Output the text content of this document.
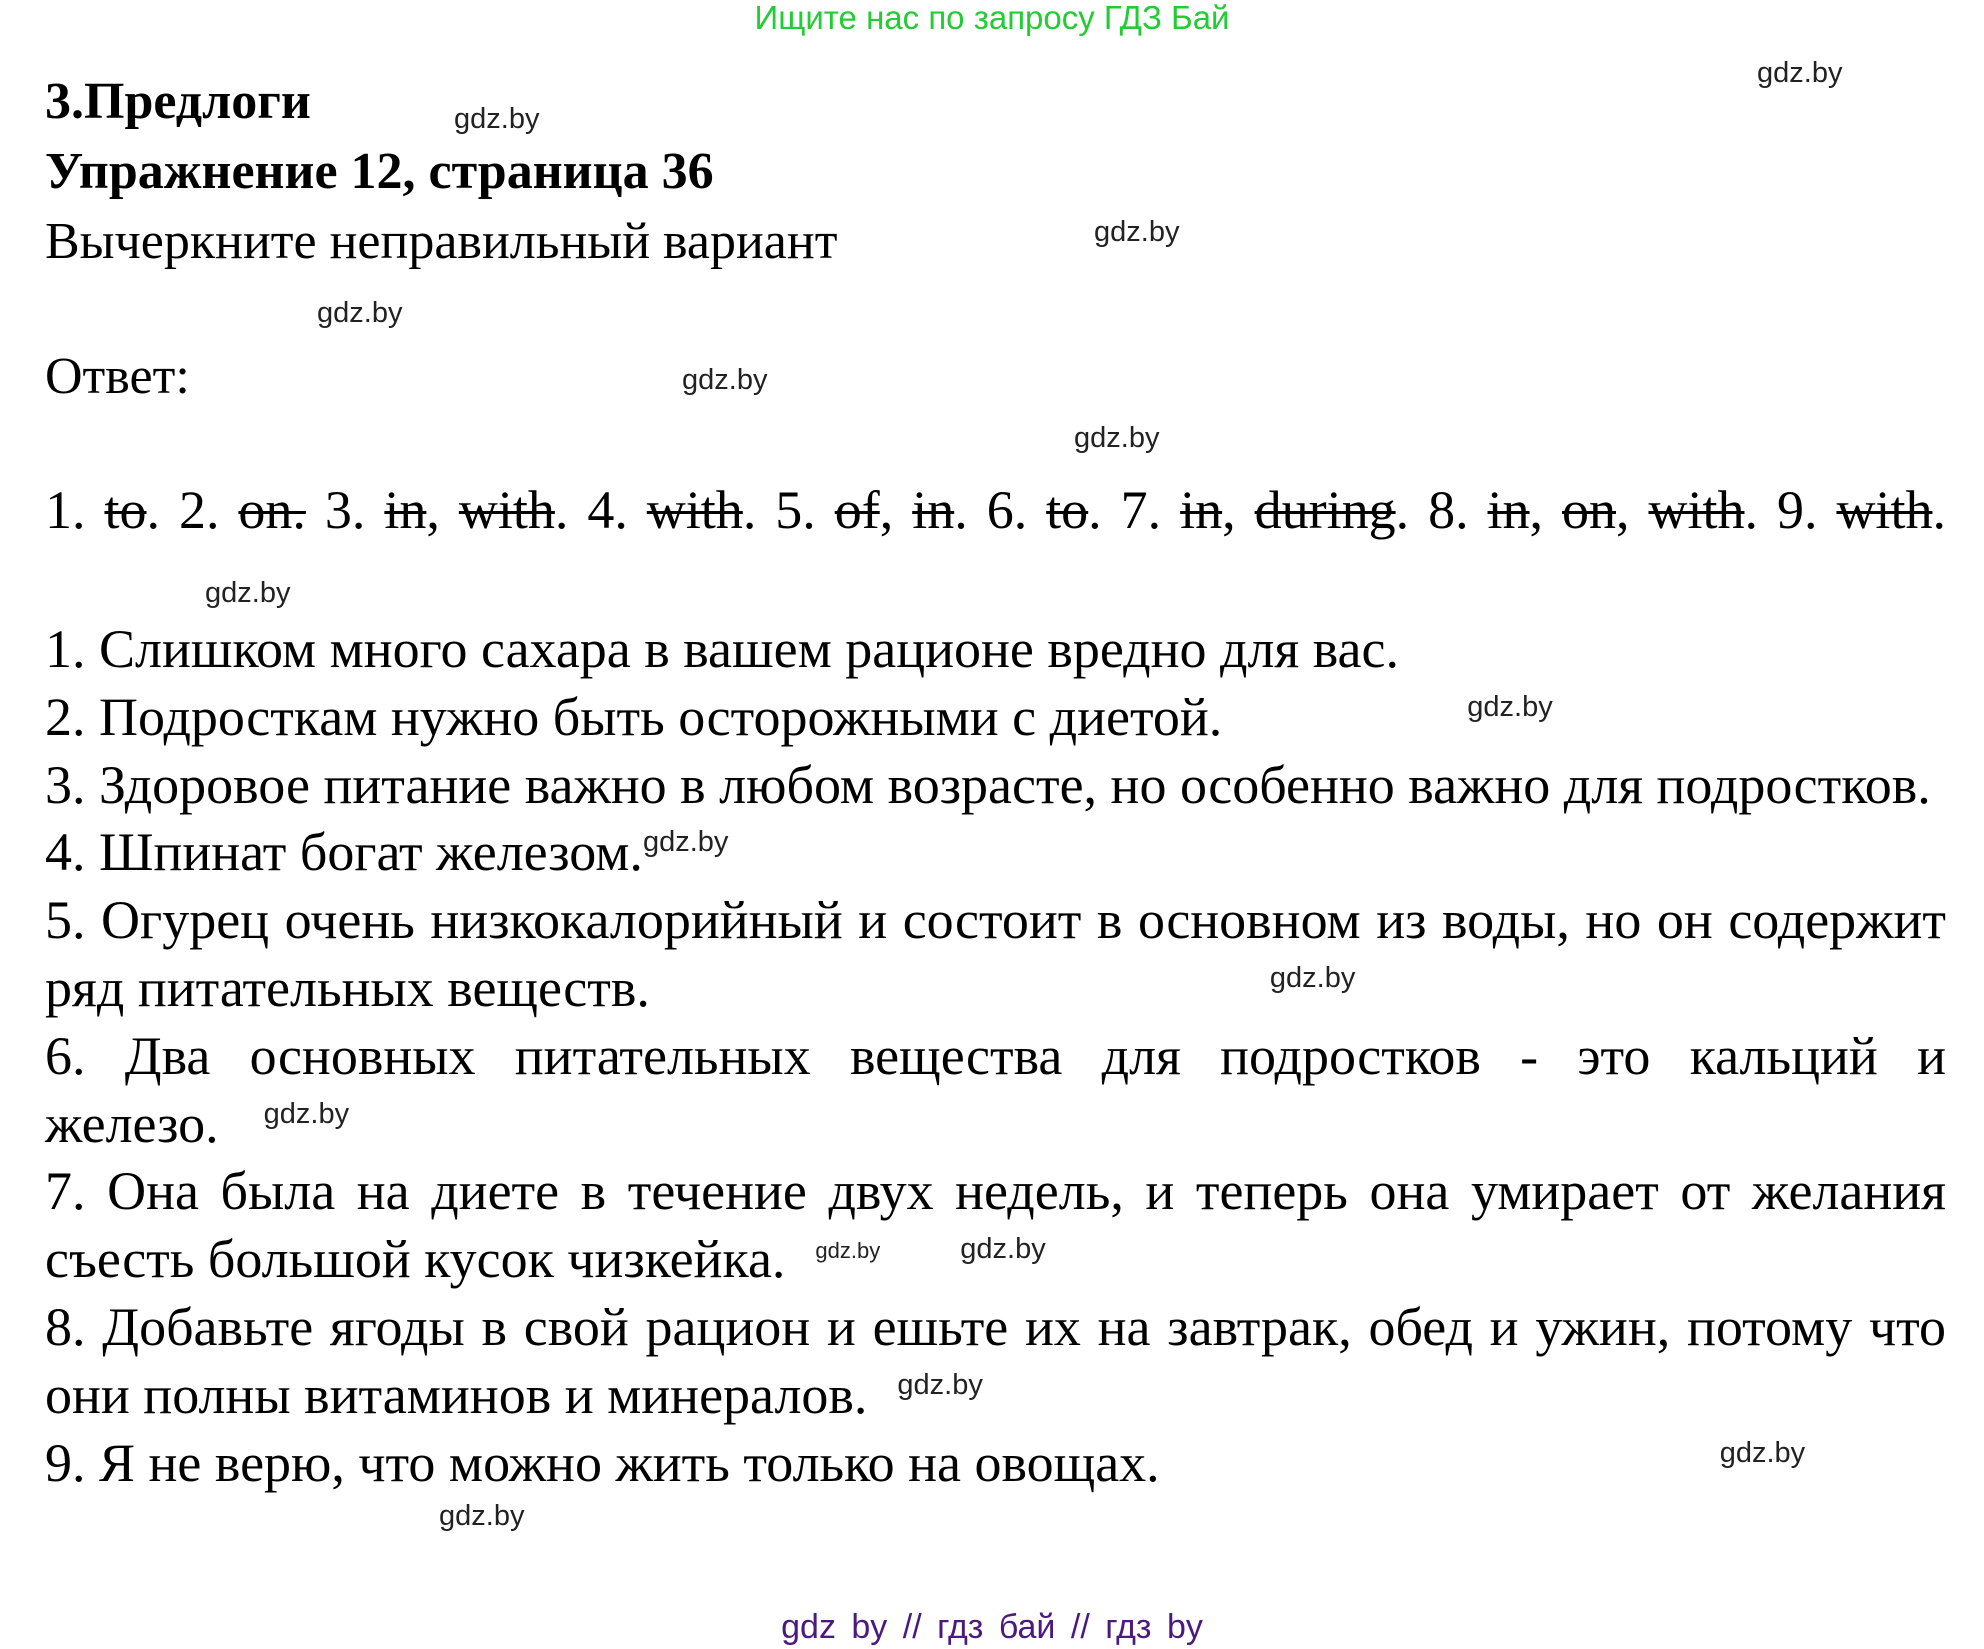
Ищите нас по запросу ГДЗ Бай
3.Предлоги
Упражнение 12, страница 36
Вычеркните неправильный вариант
Ответ:
1. to. 2. on. 3. in, with. 4. with. 5. of, in. 6. to. 7. in, during. 8. in, on, with. 9. with.

1. Слишком много сахара в вашем рационе вредно для вас.

2. Подросткам нужно быть осторожными с диетой.	$^{gdz.by}$

3. Здоровое питание важно в любом возрасте, но особенно важно для подростков.

4. Шпинат богат железом.$^{gdz.by}$

5. Огурец очень низкокалорийный и состоит в основном из воды, но он содержит ряд питательных веществ.	$^{gdz.by}$

6. Два основных питательных вещества для подростков - это кальций и железо. $^{gdz.by}$

7. Она была на диете в течение двух недель, и теперь она умирает от желания съесть большой кусок чизкейка. $^{gdz.by}$	$^{gdz.by}$

8. Добавьте ягоды в свой рацион и ешьте их на завтрак, обед и ужин, потому что они полны витаминов и минералов. $^{gdz.by}$

9. Я не верю, что можно жить только на овощах.	$^{gdz.by}$

gdz.by
gdz.by
gdz.by
gdz.by
gdz.by
gdz.by
gdz.by
gdz.by
gdz by // гдз бай // гдз by
